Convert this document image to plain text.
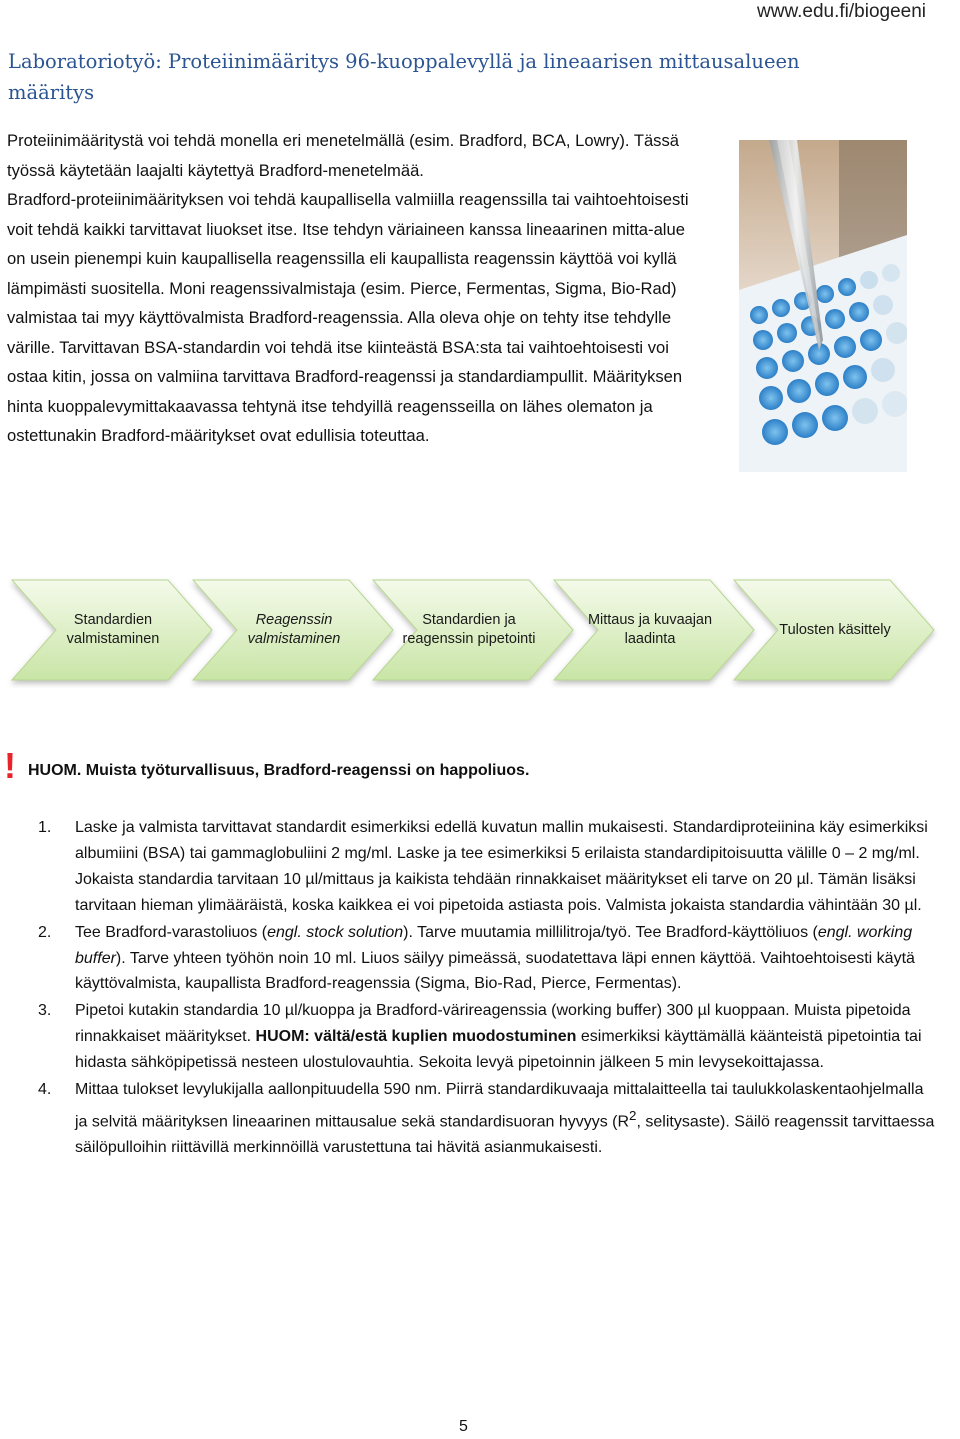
www.edu.fi/biogeeni
Laboratoriotyö: Proteiinimääritys 96-kuoppalevyllä ja lineaarisen mittausalueen määritys

Proteiinimääritystä voi tehdä monella eri menetelmällä (esim. Bradford, BCA, Lowry). Tässä työssä käytetään laajalti käytettyä Bradford-menetelmää.

Bradford-proteiinimäärityksen voi tehdä kaupallisella valmiilla reagenssilla tai vaihtoehtoisesti voit tehdä kaikki tarvittavat liuokset itse. Itse tehdyn väriaineen kanssa lineaarinen mitta-alue on usein pienempi kuin kaupallisella reagenssilla eli kaupallista reagenssin käyttöä voi kyllä lämpimästi suositella. Moni reagenssivalmistaja (esim. Pierce, Fermentas, Sigma, Bio-Rad) valmistaa tai myy käyttövalmista Bradford-reagenssia. Alla oleva ohje on tehty itse tehdylle värille. Tarvittavan BSA-standardin voi tehdä itse kiinteästä BSA:sta tai vaihtoehtoisesti voi ostaa kitin, jossa on valmiina tarvittava Bradford-reagenssi ja standardiampullit. Määrityksen hinta kuoppalevymittakaavassa tehtynä itse tehdyillä reagensseilla on lähes olematon ja ostettunakin Bradford-määritykset ovat edullisia toteuttaa.

Standardien valmistaminen
Reagenssin valmistaminen
Standardien ja reagenssin pipetointi
Mittaus ja kuvaajan laadinta
Tulosten käsittely
! HUOM. Muista työturvallisuus, Bradford-reagenssi on happoliuos.
1. Laske ja valmista tarvittavat standardit esimerkiksi edellä kuvatun mallin mukaisesti. Standardiproteiinina käy esimerkiksi albumiini (BSA) tai gammaglobuliini 2 mg/ml. Laske ja tee esimerkiksi 5 erilaista standardipitoisuutta välille 0 – 2 mg/ml. Jokaista standardia tarvitaan 10 µl/mittaus ja kaikista tehdään rinnakkaiset määritykset eli tarve on 20 µl. Tämän lisäksi tarvitaan hieman ylimääräistä, koska kaikkea ei voi pipetoida astiasta pois. Valmista jokaista standardia vähintään 30 µl.

2. Tee Bradford-varastoliuos (engl. stock solution). Tarve muutamia millilitroja/työ. Tee Bradford-käyttöliuos (engl. working buffer). Tarve yhteen työhön noin 10 ml. Liuos säilyy pimeässä, suodatettava läpi ennen käyttöä. Vaihtoehtoisesti käytä käyttövalmista, kaupallista Bradford-reagenssia (Sigma, Bio-Rad, Pierce, Fermentas).

3. Pipetoi kutakin standardia 10 µl/kuoppa ja Bradford-värireagenssia (working buffer) 300 µl kuoppaan. Muista pipetoida rinnakkaiset määritykset. HUOM: vältä/estä kuplien muodostuminen esimerkiksi käyttämällä käänteistä pipetointia tai hidasta sähköpipetissä nesteen ulostulovauhtia. Sekoita levyä pipetoinnin jälkeen 5 min levysekoittajassa.

4. Mittaa tulokset levylukijalla aallonpituudella 590 nm. Piirrä standardikuvaaja mittalaitteella tai taulukkolaskentaohjelmalla ja selvitä määrityksen lineaarinen mittausalue sekä standardisuoran hyvyys ($R^2$, selitysaste). Säilö reagenssit tarvittaessa säilöpulloihin riittävillä merkinnöillä varustettuna tai hävitä asianmukaisesti.

5
